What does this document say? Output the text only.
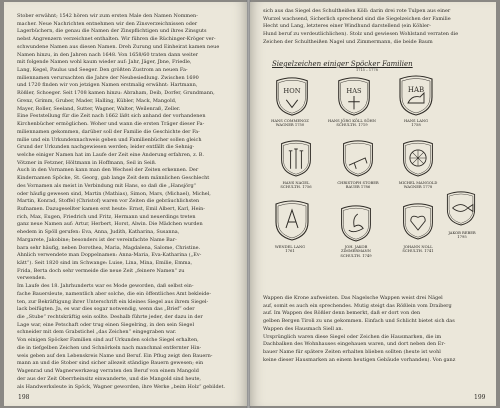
Stober erwähnt; 1542 hören wir zum ersten Male den Namen Nommen-
macher. Neue Nachrichten entnehmen wir den Zinsverzeichnissen oder
Lagerbüchern, die genau die Namen der Zinspflichtigen und ihres Zinsguts
nebst Angrenzern verzeichnet enthalten. Wir führen die Rüchinger-Kröger ver-
schwundene Namen aus diesen Namen. Dreh Zurung und Einheirat kamen neue
Namen hinzu, in den Jahren nach 1648. Von 1658/60 traten dann weiter
mit folgende Namen wohl kaum wieder auf: Jahr, Jäger, Jbne, Friedle,
Lang, Kegel, Paulus und Seeger. Den größten Zustrom an neuen Fa-
miliennamen verursachten die Jahre der Neubesiedlung. Zwischen 1690
und 1720 finden wir von jetzigen Namen erstmalig erwähnt: Hartmann,
Rößler, Schoeger. Seit 1708 kamen hinzu: Abraham, Deib, Dorfer, Grundmann,
Grenz, Grimm, Gruber, Mader, Halling, Kübler, Mack, Mangold,
Mayer, Roller, Seeland, Sutter, Wagner, Walter, Weilenraß, Zeller.
Eine Feststellung für die Zeit nach 1662 läßt sich anhand der vorhandenen
Kirchenbücher ermöglichen. Woher und wann die ersten Träger dieser Fa-
miliennamen gekommen, darüber soll der Familie die Geschichte der Fa-
milie und ein Urkundennachweis geben und Familienbücher sollen gleich
Grund der Urkunden nachgewiesen werden; leider entfällt die Sehnig-
welche einiger Namen hat im Laufe der Zeit eine Änderung erfahren, z. B.
Vötzner in Fetzner, Höltmann in Hoffmann, Seil in Seiß.
Auch in den Vornamen kann man den Wechsel der Zeiten erkennen. Der
Kindernamen Spöcke, St. Georg, gab lange Zeit dem männlichen Geschlecht
des Vornamen als meist in Verbindung mit Hans, so daß die „Hansjörg“
oder häufig gewesen sind, Martin (Mathias), Simon, Mars, (Michael), Michel,
Martin, Konrad, Stoffel (Christof) waren vor Zeiten die gebräuchlichsten
Rufnamen. Dazugesellter kamen erst heute: Ernst, Emil Albert, Karl, Hein-
rich, Max, Eugen, Friedrich und Fritz, Hermann und neuerdings treten
ganz neue Namen auf: Artur, Herbert, Horst, Alwin. Die Mädchen wurden
ehedem in Spöll gerufen: Eva, Anna, Judith, Katharina, Susanna,
Margarete, Jakobine; besonders ist der vereinfachte Name Bar-
bara sehr häufig, neben Dorothea, Maria, Magdalena, Salome, Christine.
Ähnlich verwendete man Doppelnamen: Anna-Maria, Eva-Katharina („Ev-
kätt“). Seit 1820 sind im Schwange: Luise, Lina, Mina, Emilie, Emma,
Frida, Berta doch sehr vermeide die neue Zeit „feinere Namen“ zu
verwenden.
Im Laufe des 18. Jahrhunderts war es Mode geworden, daß selbst ein-
fache Bauersleute, namentlich aber solche, die ein öffentliches Amt bekleide-
ten, zur Bekräftigung ihrer Unterschrift ein kleines Siegel aus ihrem Siegel-
lack beifügten. Ja, es war dies sogar notwendig, wenn das „Brief“ oder
die „Stube“ rechtskräftig sein sollte. Deshalb führte jeder, der dazu in der
Lage war, eine Petschaft oder trug einen Siegelring, in den sein Siegel
schneider mit dem Grabstichel „das Zeichen“ eingegraben war.
Von einigen Spöcker Familien sind auf Urkunden solche Siegel erhalten,
die in tiefgelben Zeichen und Schnörkeln nach manchmal entfernter Hin-
weis geben auf den Lebenskreis Name und Beruf. Ein Pflug zeigt den Bauern-
mann an und die Stober sind sicher allezeit ständige Bauern gewesen; ein
Wagenrad und Wagnerwerkzeug verraten den Beruf von einem Mangold
der aus der Zeit Oberrheinsitz einwanderte, und die Mangold sind heute,
als Handwerksleute in Spöck, Wagner geworden, ihre Werke „beim Holz“ gebildet.
198
sich aus das Siegel des Schultheißen Köll: darin drei rote Tulpen aus einer
Wurzel wachsend, Sicherlich sprechend sind die Siegelzeichen der Familie
Hecht und Lang, letzteres einer Windhund darstellend (ein Köhler-
Hund beruf zu verdeutlichlichen). Stolz und gewiesen Wohlstand verraten die
Zeichen der Schultheißen Nagel und Zimmermann, die beide Baum
Siegelzeichen einiger Spöcker Familien
1715 – 1778
HON
HANS COMMENOZ
WAGNER 1750
HAS
HANS JÖRG KÖLL SÖHN
SCHULTH. 1719
HAB
HANS LANG
1758
HANS NAGEL
SCHULTH. 1756
CHRISTOPH STOBER
BAUER 1786
MICHEL MANGOLD
WAGNER 1778
WENDEL LANG
1761
JOH. JAKOB
ZIMMERMANN
SCHULTH. 1749
JOHANN NOLL
SCHULTH. 1741
JAKOB REBER
1795
Wappen die Krone aufweisten. Das Nagelsche Wappen weist drei Nägel
auf, somit es auch ein sprechendes. Mutig steigt das Rößlein vom Draiberg
auf. Im Wappen des Rößler denn bemerkt, daß er dort von den
gelben Bergen Tiroli zu uns gekommen. Einfach und Schlicht bietet sich das
Wappen des Hausmach Siell an.
Ursprünglich waren diese Siegel oder Zeichen die Hausmarken, die im
Dachbalken des Wohnhauses eingehauen waren, und dort neben den Er-
bauer Name für spätere Zeiten erhalten blieben sollten (heute ist wohl
keine dieser Hausmarken an einem heutigen Gebäude vorhanden). Von ganz
199
